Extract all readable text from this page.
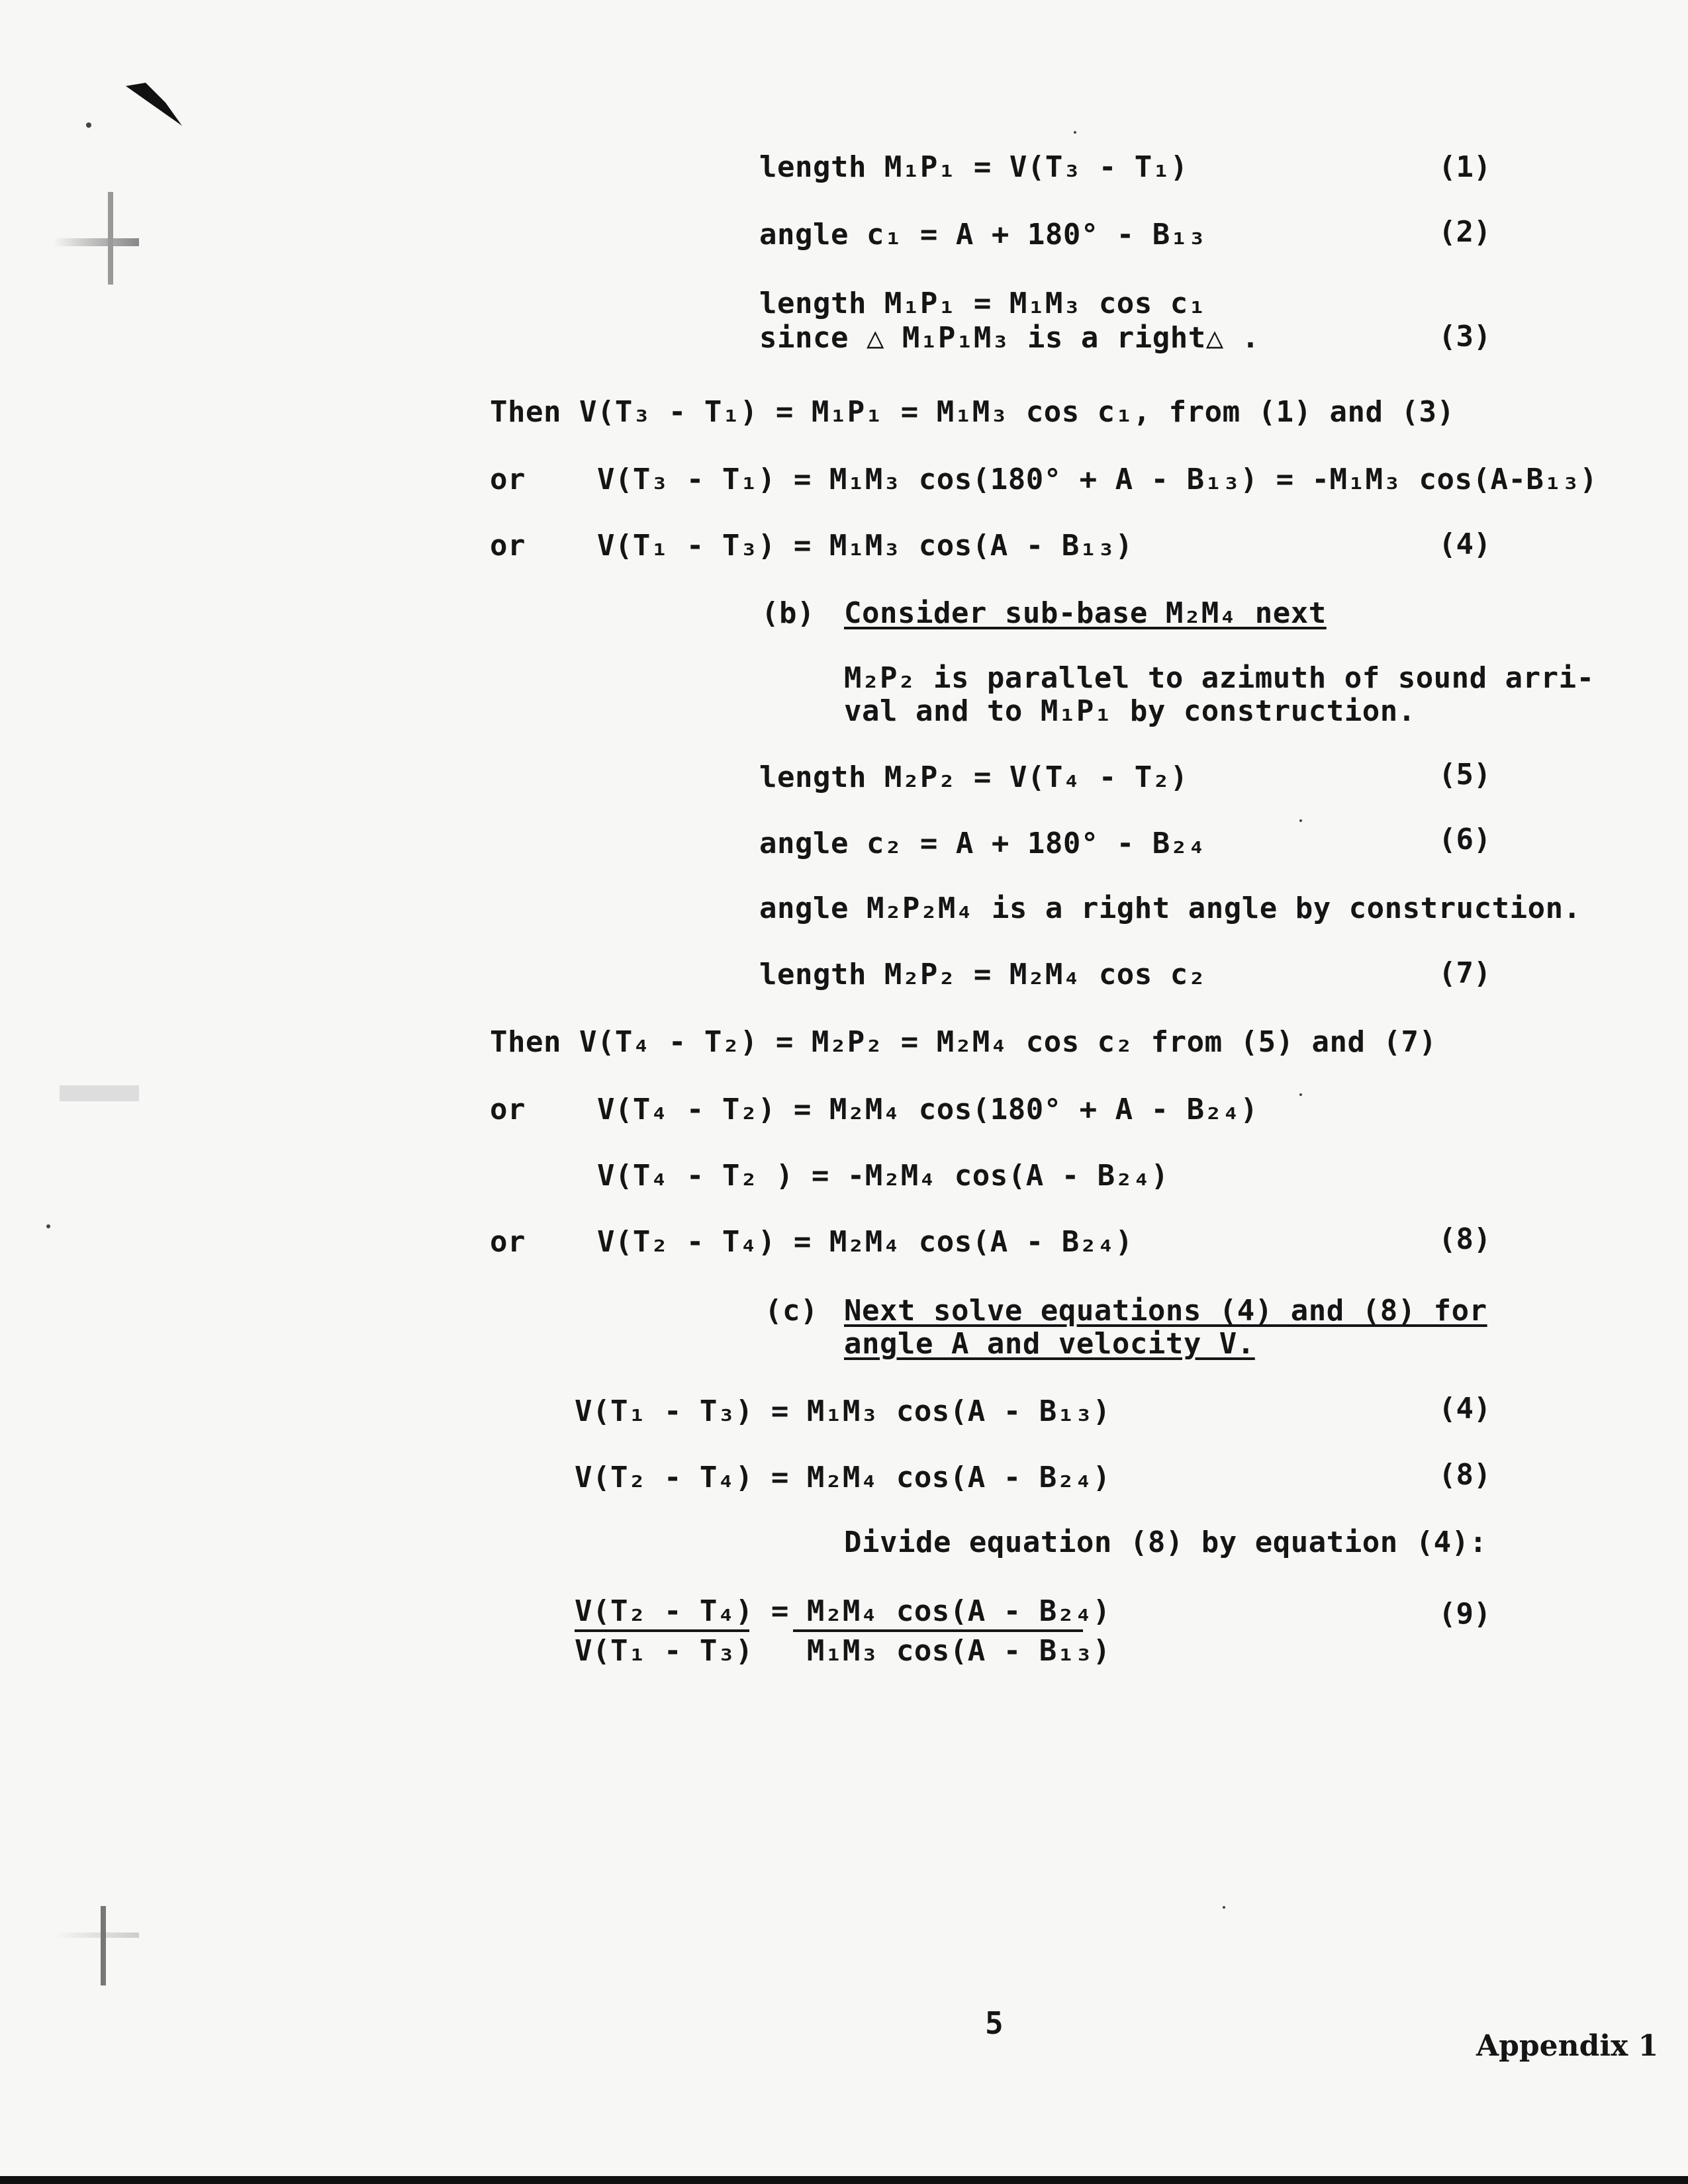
length M₁P₁ = V(T₃ - T₁)	(1)
angle c₁ = A + 180° - B₁₃	(2)
length M₁P₁ = M₁M₃ cos c₁
since △ M₁P₁M₃ is a right△ .	(3)
Then V(T₃ - T₁) = M₁P₁ = M₁M₃ cos c₁, from (1) and (3)
or    V(T₃ - T₁) = M₁M₃ cos(180° + A - B₁₃) = -M₁M₃ cos(A-B₁₃)
or    V(T₁ - T₃) = M₁M₃ cos(A - B₁₃)	(4)
(b) Consider sub-base M₂M₄ next
M₂P₂ is parallel to azimuth of sound arri-
val and to M₁P₁ by construction.
length M₂P₂ = V(T₄ - T₂)	(5)
angle c₂ = A + 180° - B₂₄	(6)
angle M₂P₂M₄ is a right angle by construction.
length M₂P₂ = M₂M₄ cos c₂	(7)
Then V(T₄ - T₂) = M₂P₂ = M₂M₄ cos c₂ from (5) and (7)
or    V(T₄ - T₂) = M₂M₄ cos(180° + A - B₂₄)
V(T₄ - T₂ ) = -M₂M₄ cos(A - B₂₄)
or    V(T₂ - T₄) = M₂M₄ cos(A - B₂₄)	(8)
(c) Next solve equations (4) and (8) for
angle A and velocity V.
V(T₁ - T₃) = M₁M₃ cos(A - B₁₃)	(4)
V(T₂ - T₄) = M₂M₄ cos(A - B₂₄)	(8)
Divide equation (8) by equation (4):
V(T₂ - T₄) = M₂M₄ cos(A - B₂₄)
V(T₁ - T₃)   M₁M₃ cos(A - B₁₃)
(9)
5
Appendix 1
